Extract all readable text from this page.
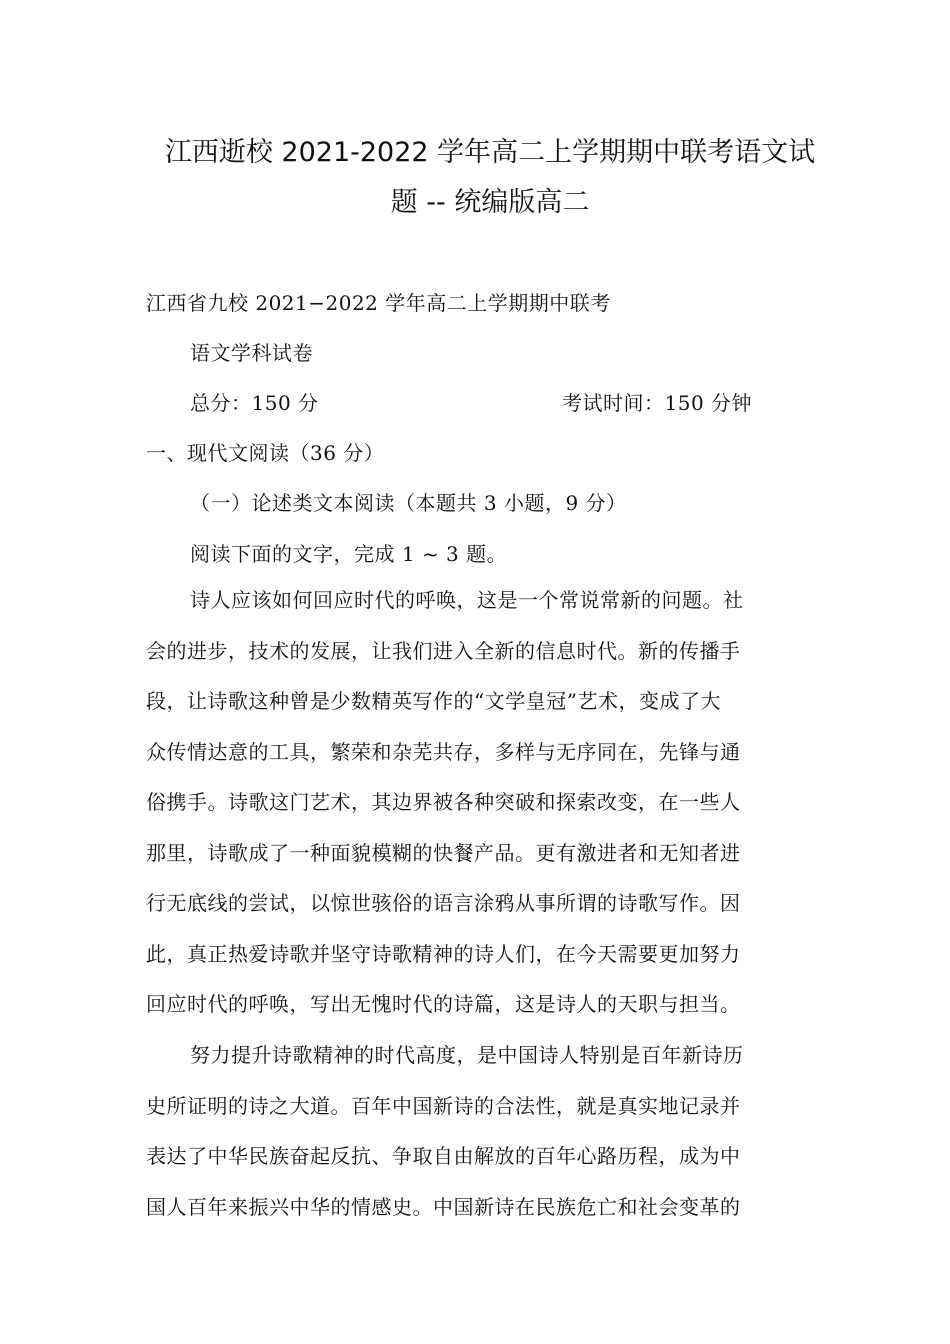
江西逝校 2021-2022 学年高二上学期期中联考语文试
题 -- 统编版高二
江西省九校 2021−2022 学年高二上学期期中联考
语文学科试卷
总分：150 分	考试时间：150 分钟
一、现代文阅读（36 分）
（一）论述类文本阅读（本题共 3 小题，9 分）
阅读下面的文字，完成 1 ~ 3 题。
诗人应该如何回应时代的呼唤，这是一个常说常新的问题。社
会的进步，技术的发展，让我们进入全新的信息时代。新的传播手
段，让诗歌这种曾是少数精英写作的“文学皇冠”艺术，变成了大
众传情达意的工具，繁荣和杂芜共存，多样与无序同在，先锋与通
俗携手。诗歌这门艺术，其边界被各种突破和探索改变，在一些人
那里，诗歌成了一种面貌模糊的快餐产品。更有激进者和无知者进
行无底线的尝试，以惊世骇俗的语言涂鸦从事所谓的诗歌写作。因
此，真正热爱诗歌并坚守诗歌精神的诗人们，在今天需要更加努力
回应时代的呼唤，写出无愧时代的诗篇，这是诗人的天职与担当。
努力提升诗歌精神的时代高度，是中国诗人特别是百年新诗历
史所证明的诗之大道。百年中国新诗的合法性，就是真实地记录并
表达了中华民族奋起反抗、争取自由解放的百年心路历程，成为中
国人百年来振兴中华的情感史。中国新诗在民族危亡和社会变革的
